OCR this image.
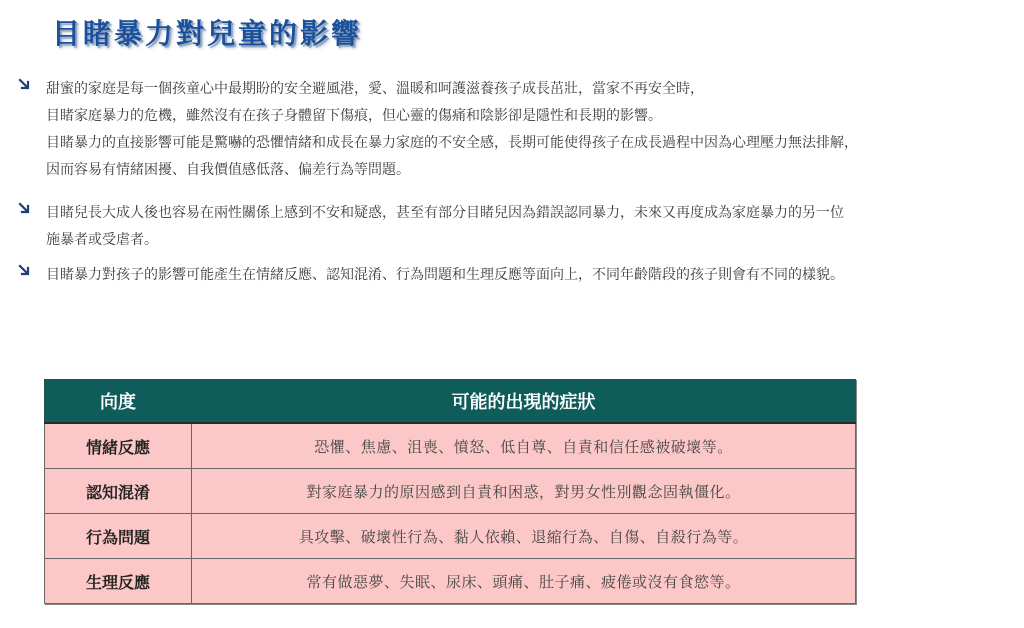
目睹暴力對兒童的影響
甜蜜的家庭是每一個孩童心中最期盼的安全避風港，愛、溫暖和呵護滋養孩子成長茁壯，當家不再安全時，
目睹家庭暴力的危機，雖然沒有在孩子身體留下傷痕，但心靈的傷痛和陰影卻是隱性和長期的影響。
目睹暴力的直接影響可能是驚嚇的恐懼情緒和成長在暴力家庭的不安全感，長期可能使得孩子在成長過程中因為心理壓力無法排解，
因而容易有情緒困擾、自我價值感低落、偏差行為等問題。
目睹兒長大成人後也容易在兩性關係上感到不安和疑惑，甚至有部分目睹兒因為錯誤認同暴力，未來又再度成為家庭暴力的另一位
施暴者或受虐者。
目睹暴力對孩子的影響可能產生在情緒反應、認知混淆、行為問題和生理反應等面向上，不同年齡階段的孩子則會有不同的樣貌。
向度	可能的出現的症狀
情緒反應	恐懼、焦慮、沮喪、憤怒、低自尊、自責和信任感被破壞等。
認知混淆	對家庭暴力的原因感到自責和困惑，對男女性別觀念固執僵化。
行為問題	具攻擊、破壞性行為、黏人依賴、退縮行為、自傷、自殺行為等。
生理反應	常有做惡夢、失眠、尿床、頭痛、肚子痛、疲倦或沒有食慾等。
